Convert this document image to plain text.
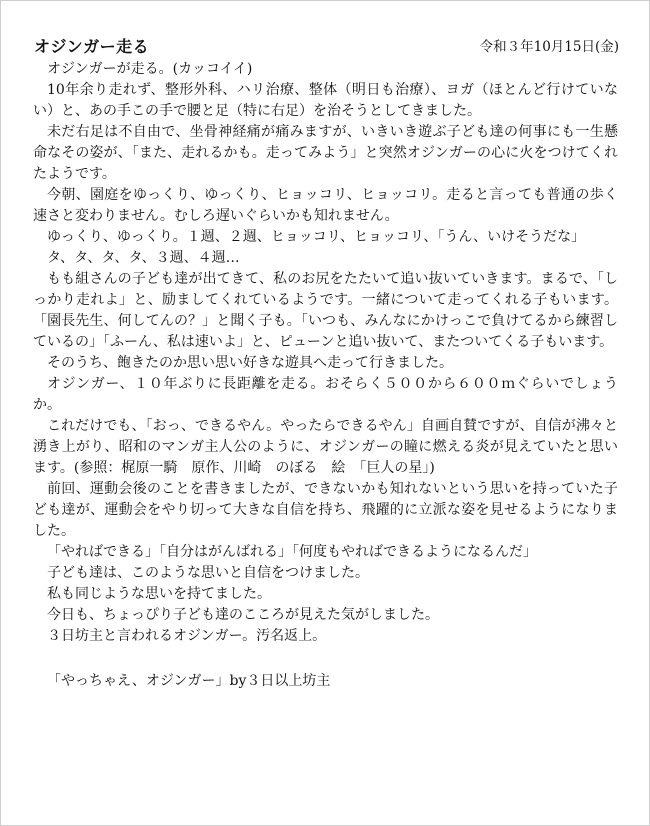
オジンガー走る	令和３年10月15日(金)

オジンガーが走る。(カッコイイ)

10年余り走れず、整形外科、ハリ治療、整体（明日も治療）、ヨガ（ほとんど行けていない）と、あの手この手で腰と足（特に右足）を治そうとしてきました。

未だ右足は不自由で、坐骨神経痛が痛みますが、いきいき遊ぶ子ども達の何事にも一生懸命なその姿が、「また、走れるかも。走ってみよう」と突然オジンガーの心に火をつけてくれたようです。

今朝、園庭をゆっくり、ゆっくり、ヒョッコリ、ヒョッコリ。走ると言っても普通の歩く速さと変わりません。むしろ遅いぐらいかも知れません。

ゆっくり、ゆっくり。１週、２週、ヒョッコリ、ヒョッコリ、「うん、いけそうだな」

タ、タ、タ、タ、３週、４週…

もも組さんの子ども達が出てきて、私のお尻をたたいて追い抜いていきます。まるで、「しっかり走れよ」と、励ましてくれているようです。一緒について走ってくれる子もいます。「園長先生、何してんの？」と聞く子も。「いつも、みんなにかけっこで負けてるから練習しているの」「ふーん、私は速いよ」と、ピューンと追い抜いて、またついてくる子もいます。

そのうち、飽きたのか思い思い好きな遊具へ走って行きました。

オジンガー、１０年ぶりに長距離を走る。おそらく５００から６００ｍぐらいでしょうか。

これだけでも、「おっ、できるやん。やったらできるやん」自画自賛ですが、自信が沸々と湧き上がり、昭和のマンガ主人公のように、オジンガーの瞳に燃える炎が見えていたと思います。(参照：梶原一騎　原作、川崎　のぼる　絵　「巨人の星」)

前回、運動会後のことを書きましたが、できないかも知れないという思いを持っていた子ども達が、運動会をやり切って大きな自信を持ち、飛躍的に立派な姿を見せるようになりました。

「やればできる」「自分はがんばれる」「何度もやればできるようになるんだ」

子ども達は、このような思いと自信をつけました。

私も同じような思いを持てました。

今日も、ちょっぴり子ども達のこころが見えた気がしました。

３日坊主と言われるオジンガー。汚名返上。

「やっちゃえ、オジンガー」by３日以上坊主
